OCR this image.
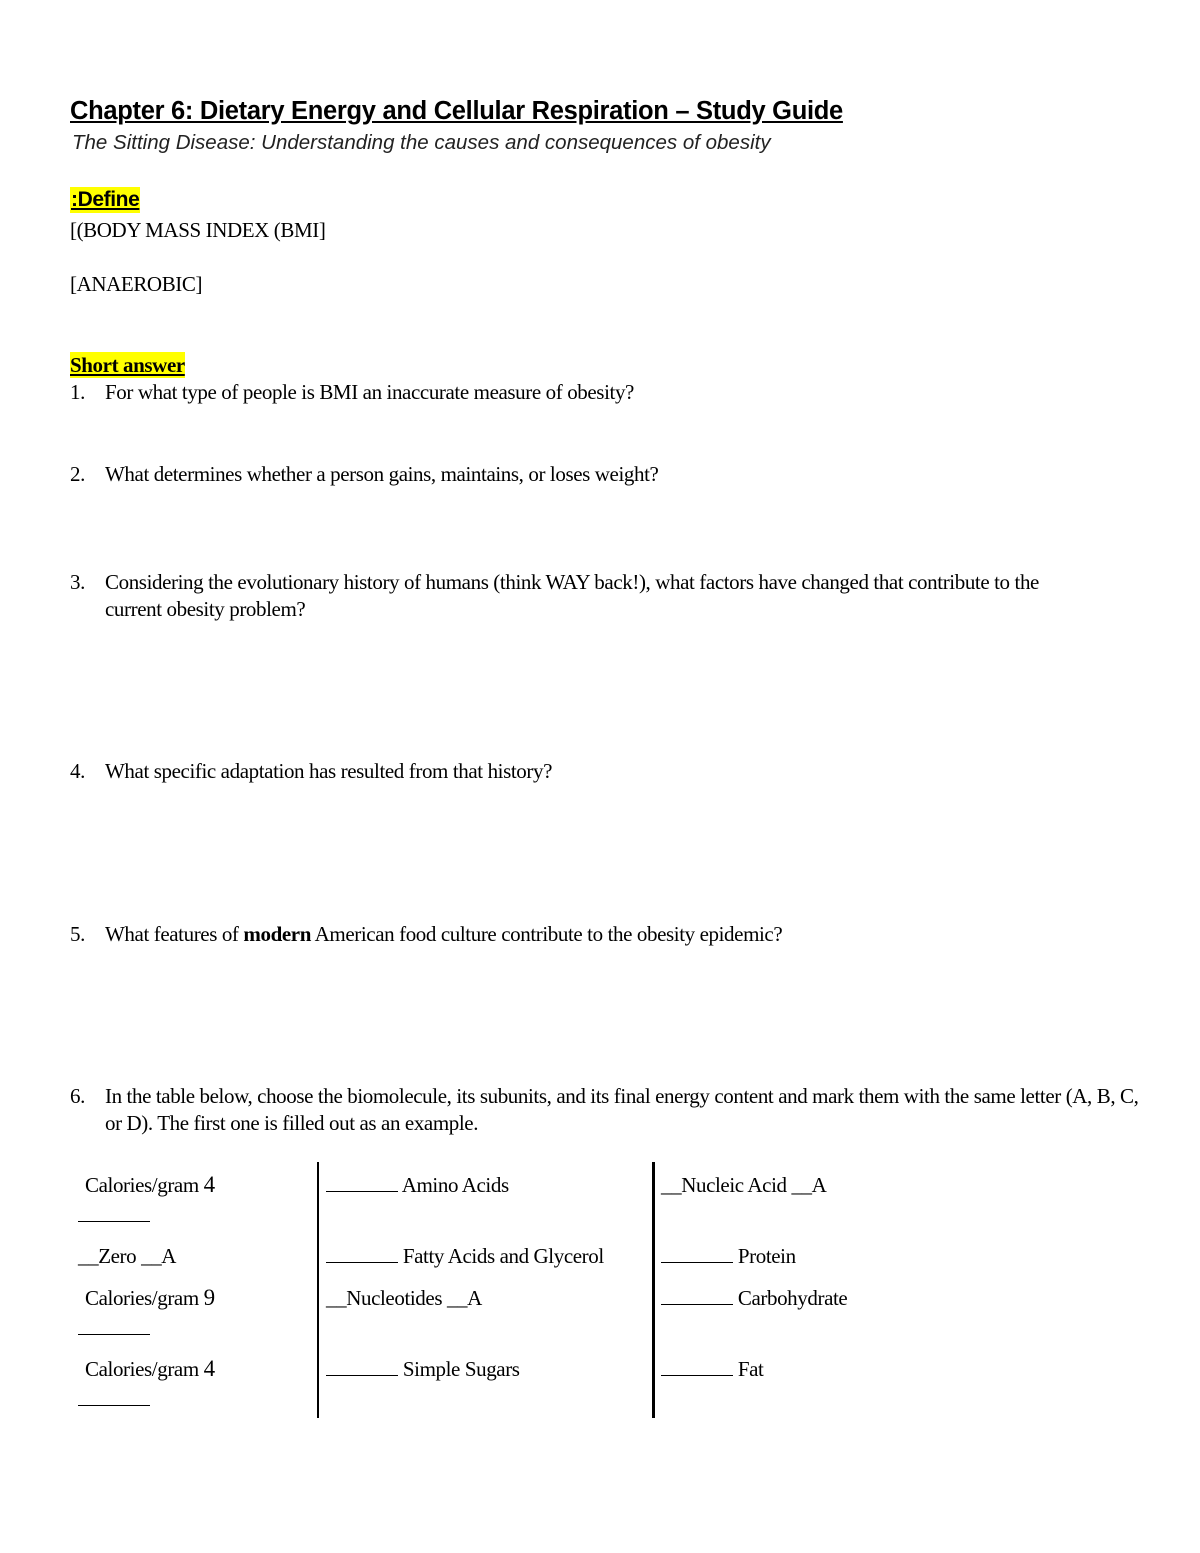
Chapter 6: Dietary Energy and Cellular Respiration – Study Guide
The Sitting Disease: Understanding the causes and consequences of obesity
:Define
[(BODY MASS INDEX (BMI]
[ANAEROBIC]
Short answer
1. For what type of people is BMI an inaccurate measure of obesity?
2. What determines whether a person gains, maintains, or loses weight?
3. Considering the evolutionary history of humans (think WAY back!), what factors have changed that contribute to the current obesity problem?
4. What specific adaptation has resulted from that history?
5. What features of modern American food culture contribute to the obesity epidemic?
6. In the table below, choose the biomolecule, its subunits, and its final energy content and mark them with the same letter (A, B, C, or D). The first one is filled out as an example.
Calories/gram 4
__Zero __A
Calories/gram 9
Calories/gram 4
Amino Acids
Fatty Acids and Glycerol
__Nucleotides __A
Simple Sugars
__Nucleic Acid __A
Protein
Carbohydrate
Fat
